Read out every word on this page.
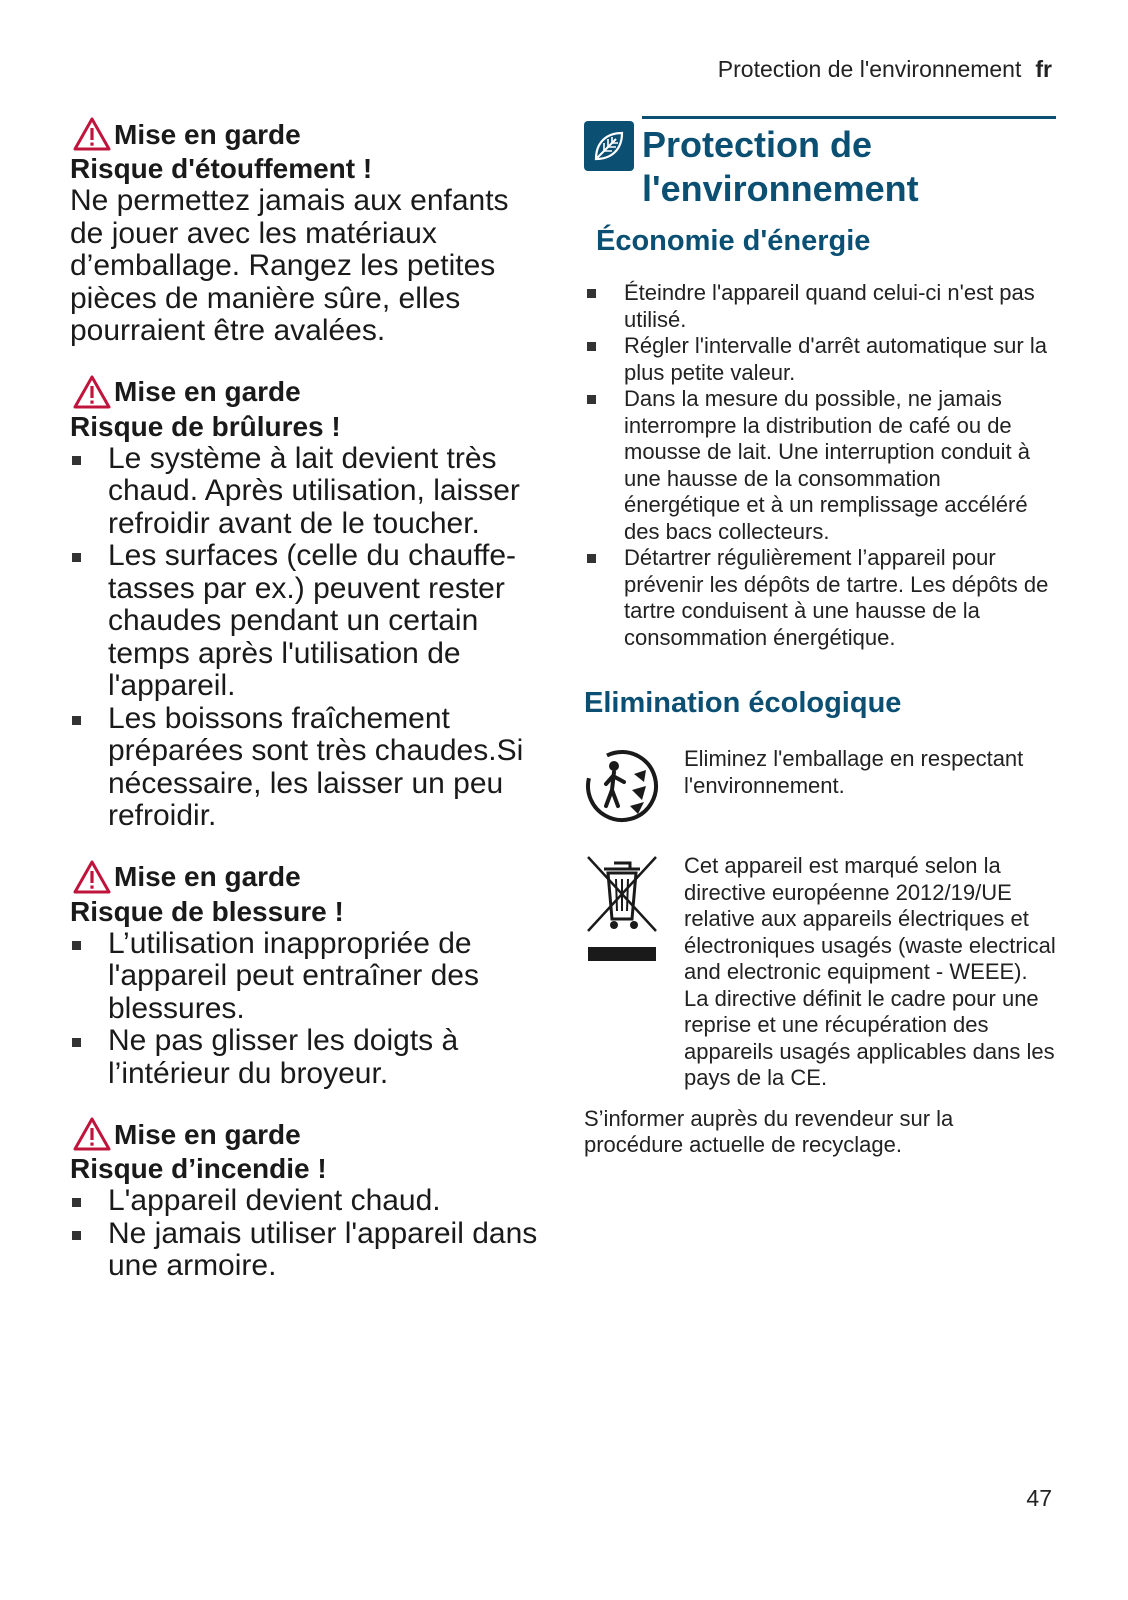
Protection de l'environnement fr
Mise en garde
Risque d'étouffement !
Ne permettez jamais aux enfants de jouer avec les matériaux d’emballage. Rangez les petites pièces de manière sûre, elles pourraient être avalées.
Mise en garde
Risque de brûlures !
Le système à lait devient très chaud. Après utilisation, laisser refroidir avant de le toucher.
Les surfaces (celle du chauffe-tasses par ex.) peuvent rester chaudes pendant un certain temps après l'utilisation de l'appareil.
Les boissons fraîchement préparées sont très chaudes.Si nécessaire, les laisser un peu refroidir.
Mise en garde
Risque de blessure !
L’utilisation inappropriée de l'appareil peut entraîner des blessures.
Ne pas glisser les doigts à l’intérieur du broyeur.
Mise en garde
Risque d’incendie !
L'appareil devient chaud.
Ne jamais utiliser l'appareil dans une armoire.
Protection de l'environnement
Économie d'énergie
Éteindre l'appareil quand celui-ci n'est pas utilisé.
Régler l'intervalle d'arrêt automatique sur la plus petite valeur.
Dans la mesure du possible, ne jamais interrompre la distribution de café ou de mousse de lait. Une interruption conduit à une hausse de la consommation énergétique et à un remplissage accéléré des bacs collecteurs.
Détartrer régulièrement l’appareil pour prévenir les dépôts de tartre. Les dépôts de tartre conduisent à une hausse de la consommation énergétique.
Elimination écologique
Eliminez l'emballage en respectant l'environnement.
Cet appareil est marqué selon la directive européenne 2012/19/UE relative aux appareils électriques et électroniques usagés (waste electrical and electronic equipment - WEEE).
La directive définit le cadre pour une reprise et une récupération des appareils usagés applicables dans les pays de la CE.
S’informer auprès du revendeur sur la procédure actuelle de recyclage.
47
